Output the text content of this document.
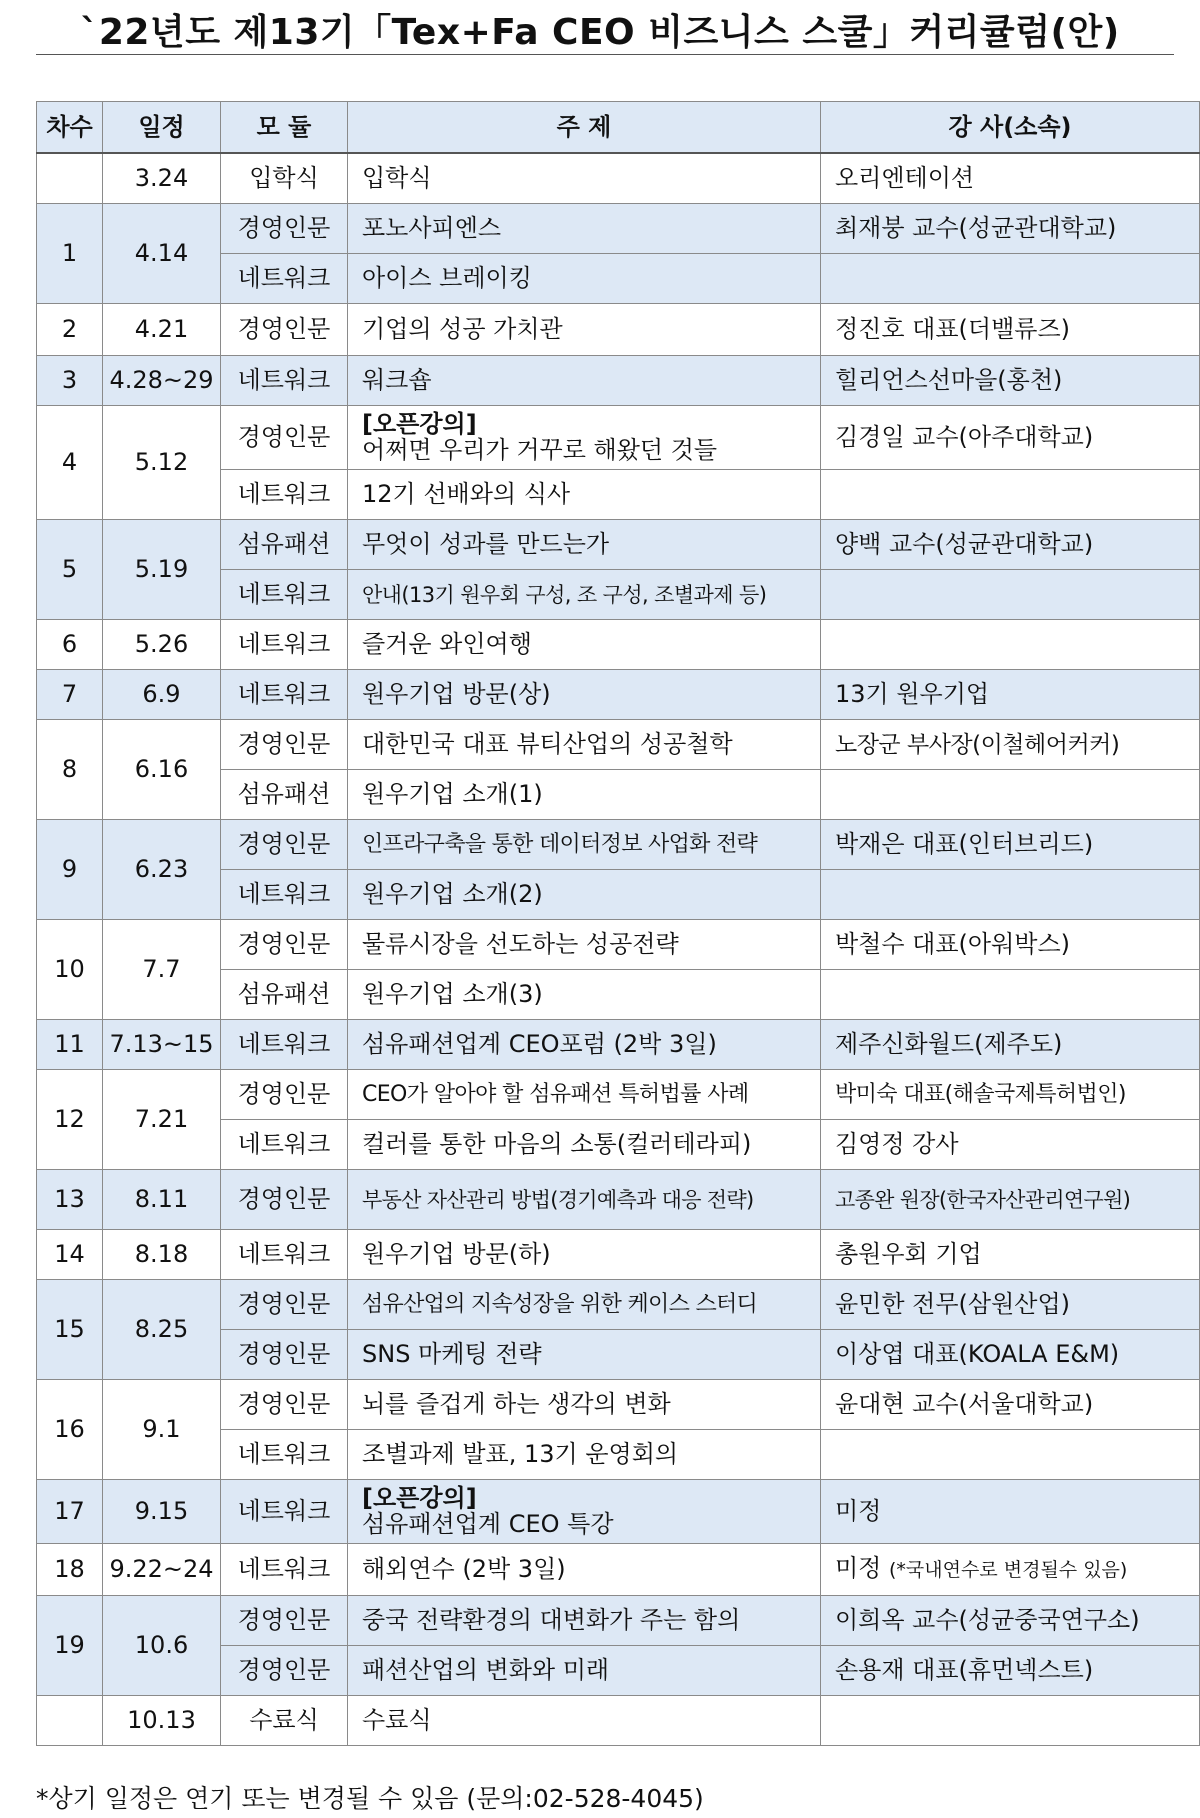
`22년도 제13기「Tex+Fa CEO 비즈니스 스쿨」커리큘럼(안)
차수	일정	모 듈	주 제	강 사(소속)
	3.24	입학식	입학식	오리엔테이션
1	4.14	경영인문	포노사피엔스	최재붕 교수(성균관대학교)
		네트워크	아이스 브레이킹	
2	4.21	경영인문	기업의 성공 가치관	정진호 대표(더밸류즈)
3	4.28~29	네트워크	워크숍	힐리언스선마을(홍천)
4	5.12	경영인문	[오픈강의]
어쩌면 우리가 거꾸로 해왔던 것들	김경일 교수(아주대학교)
		네트워크	12기 선배와의 식사	
5	5.19	섬유패션	무엇이 성과를 만드는가	양백 교수(성균관대학교)
		네트워크	안내(13기 원우회 구성, 조 구성, 조별과제 등)	
6	5.26	네트워크	즐거운 와인여행	
7	6.9	네트워크	원우기업 방문(상)	13기 원우기업
8	6.16	경영인문	대한민국 대표 뷰티산업의 성공철학	노장군 부사장(이철헤어커커)
		섬유패션	원우기업 소개(1)	
9	6.23	경영인문	인프라구축을 통한 데이터정보 사업화 전략	박재은 대표(인터브리드)
		네트워크	원우기업 소개(2)	
10	7.7	경영인문	물류시장을 선도하는 성공전략	박철수 대표(아워박스)
		섬유패션	원우기업 소개(3)	
11	7.13~15	네트워크	섬유패션업계 CEO포럼 (2박 3일)	제주신화월드(제주도)
12	7.21	경영인문	CEO가 알아야 할 섬유패션 특허법률 사례	박미숙 대표(해솔국제특허법인)
		네트워크	컬러를 통한 마음의 소통(컬러테라피)	김영정 강사
13	8.11	경영인문	부동산 자산관리 방법(경기예측과 대응 전략)	고종완 원장(한국자산관리연구원)
14	8.18	네트워크	원우기업 방문(하)	총원우회 기업
15	8.25	경영인문	섬유산업의 지속성장을 위한 케이스 스터디	윤민한 전무(삼원산업)
		경영인문	SNS 마케팅 전략	이상엽 대표(KOALA E&M)
16	9.1	경영인문	뇌를 즐겁게 하는 생각의 변화	윤대현 교수(서울대학교)
		네트워크	조별과제 발표, 13기 운영회의	
17	9.15	네트워크	[오픈강의]
섬유패션업계 CEO 특강	미정
18	9.22~24	네트워크	해외연수 (2박 3일)	미정 (*국내연수로 변경될수 있음)
19	10.6	경영인문	중국 전략환경의 대변화가 주는 함의	이희옥 교수(성균중국연구소)
		경영인문	패션산업의 변화와 미래	손용재 대표(휴먼넥스트)
	10.13	수료식	수료식	
*상기 일정은 연기 또는 변경될 수 있음 (문의:02-528-4045)
